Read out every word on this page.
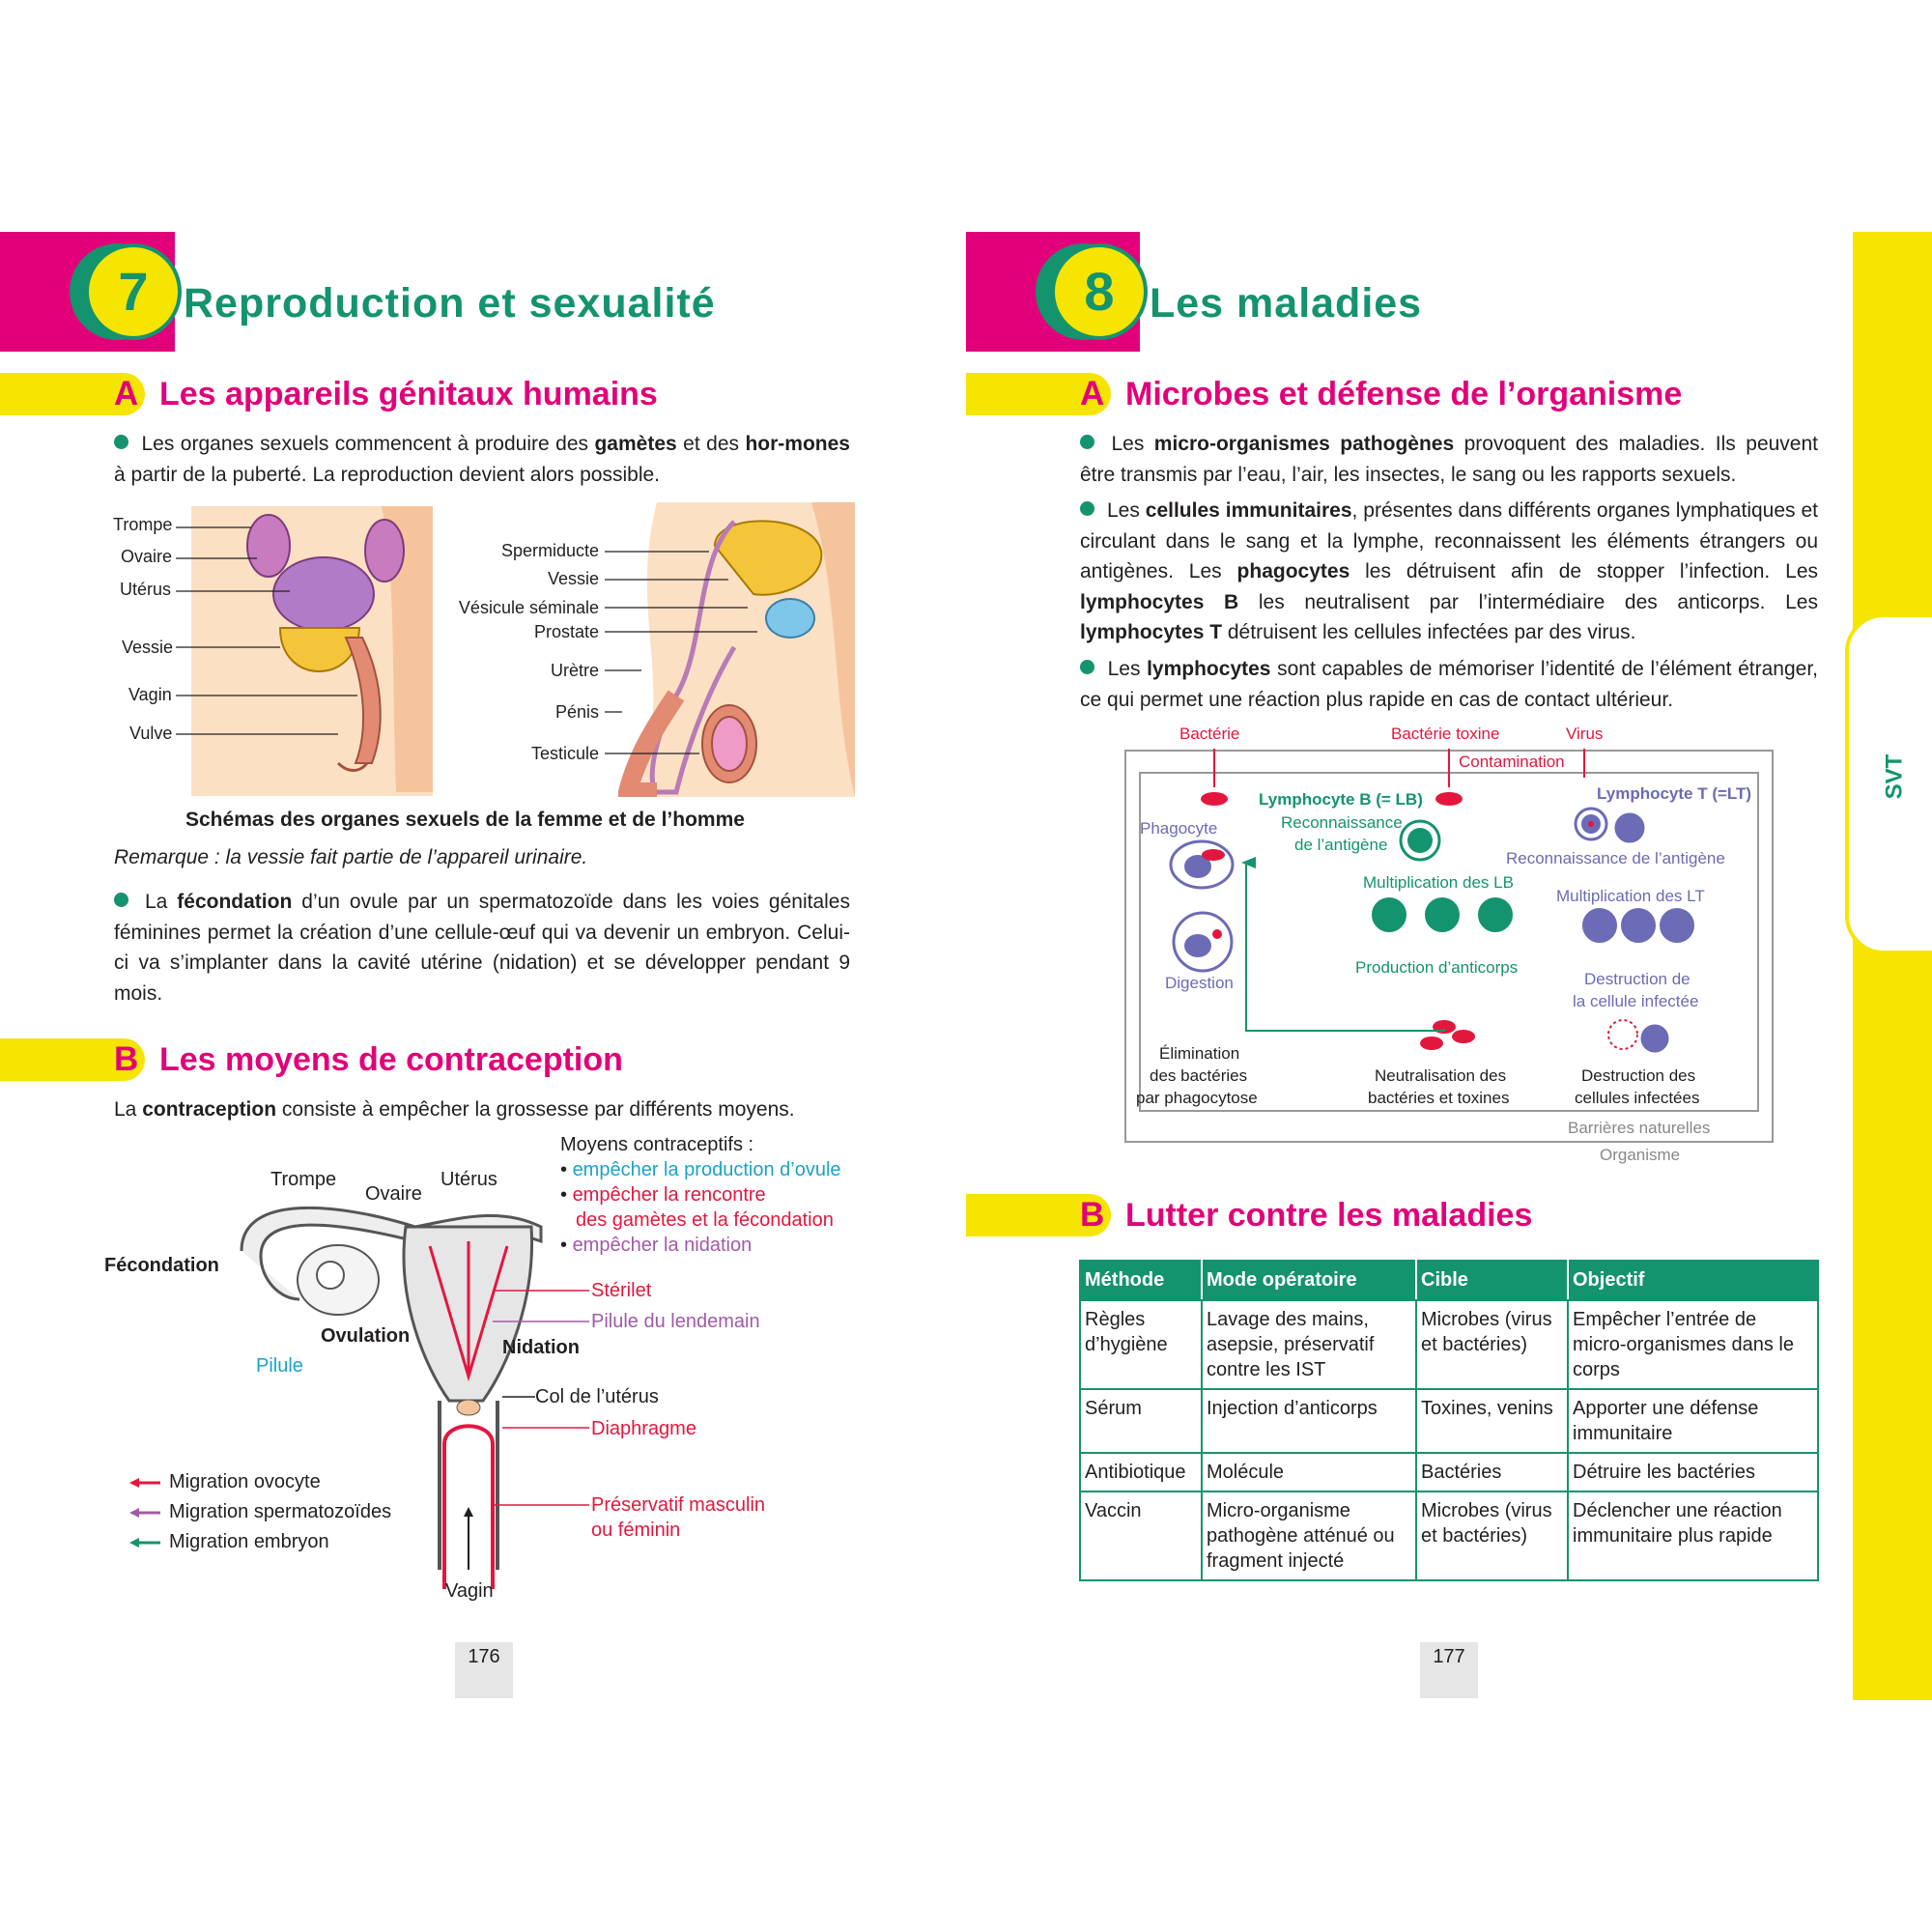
7 Reproduction et sexualité
A Les appareils génitaux humains
Les organes sexuels commencent à produire des gamètes et des hor-mones à partir de la puberté. La reproduction devient alors possible.
Trompe
Ovaire
Utérus
Vessie
Vagin
Vulve
Spermiducte
Vessie
Vésicule séminale
Prostate
Urètre
Pénis
Testicule
Schémas des organes sexuels de la femme et de l’homme
Remarque : la vessie fait partie de l’appareil urinaire.
La fécondation d’un ovule par un spermatozoïde dans les voies génitales féminines permet la création d’une cellule-œuf qui va devenir un embryon. Celui-ci va s’implanter dans la cavité utérine (nidation) et se développer pendant 9 mois.
B Les moyens de contraception
La contraception consiste à empêcher la grossesse par différents moyens.
Moyens contraceptifs :
• empêcher la production d’ovule
• empêcher la rencontre
des gamètes et la fécondation
• empêcher la nidation
Trompe
Ovaire
Utérus
Fécondation
Ovulation
Pilule
Nidation
Stérilet
Pilule du lendemain
Col de l’utérus
Diaphragme
Préservatif masculin
ou féminin
Vagin
Migration ovocyte
Migration spermatozoïdes
Migration embryon
176
8 Les maladies
SVT
A Microbes et défense de l’organisme
Les micro-organismes pathogènes provoquent des maladies. Ils peuvent être transmis par l’eau, l’air, les insectes, le sang ou les rapports sexuels.
Les cellules immunitaires, présentes dans différents organes lymphatiques et circulant dans le sang et la lymphe, reconnaissent les éléments étrangers ou antigènes. Les phagocytes les détruisent afin de stopper l’infection. Les lymphocytes B les neutralisent par l’intermédiaire des anticorps. Les lymphocytes T détruisent les cellules infectées par des virus.
Les lymphocytes sont capables de mémoriser l’identité de l’élément étranger, ce qui permet une réaction plus rapide en cas de contact ultérieur.
Bactérie	Bactérie toxine	Virus
Contamination
Lymphocyte B (= LB)
Reconnaissance
de l’antigène
Lymphocyte T (=LT)
Phagocyte
Reconnaissance de l’antigène
Multiplication des LB
Multiplication des LT
Digestion
Production d’anticorps
Destruction de
la cellule infectée
Élimination
des bactéries
par phagocytose
Neutralisation des
bactéries et toxines
Destruction des
cellules infectées
Barrières naturelles
Organisme
B Lutter contre les maladies
Méthode	Mode opératoire	Cible	Objectif
Règles d’hygiène	Lavage des mains, asepsie, préservatif contre les IST	Microbes (virus et bactéries)	Empêcher l’entrée de micro-organismes dans le corps
Sérum	Injection d’anticorps	Toxines, venins	Apporter une défense immunitaire
Antibiotique	Molécule	Bactéries	Détruire les bactéries
Vaccin	Micro-organisme pathogène atténué ou fragment injecté	Microbes (virus et bactéries)	Déclencher une réaction immunitaire plus rapide
177
